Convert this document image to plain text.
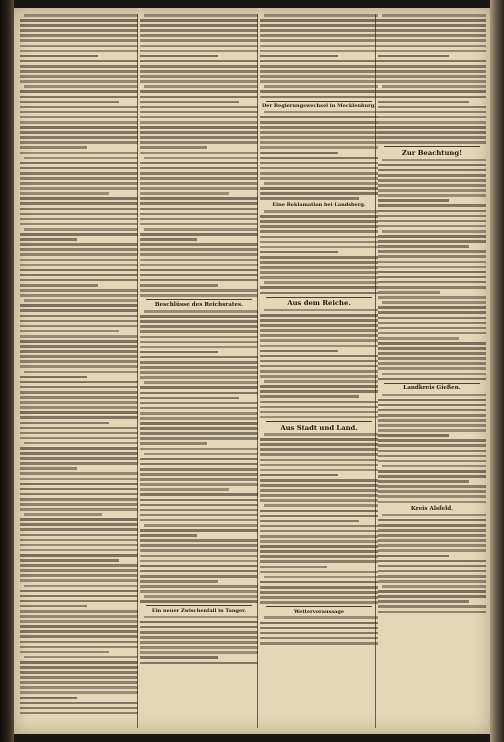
Beschlüsse des Reichsrates.

Ein neuer Zwischenfall in Tanger.

Der Regierungswechsel in Mecklenburg.

Eine Reklamation bei Landsberg.

Aus dem Reiche.

Aus Stadt und Land.

Wettervoraussage

Zur Beachtung!

Landkreis Gießen.

Kreis Alsfeld.
